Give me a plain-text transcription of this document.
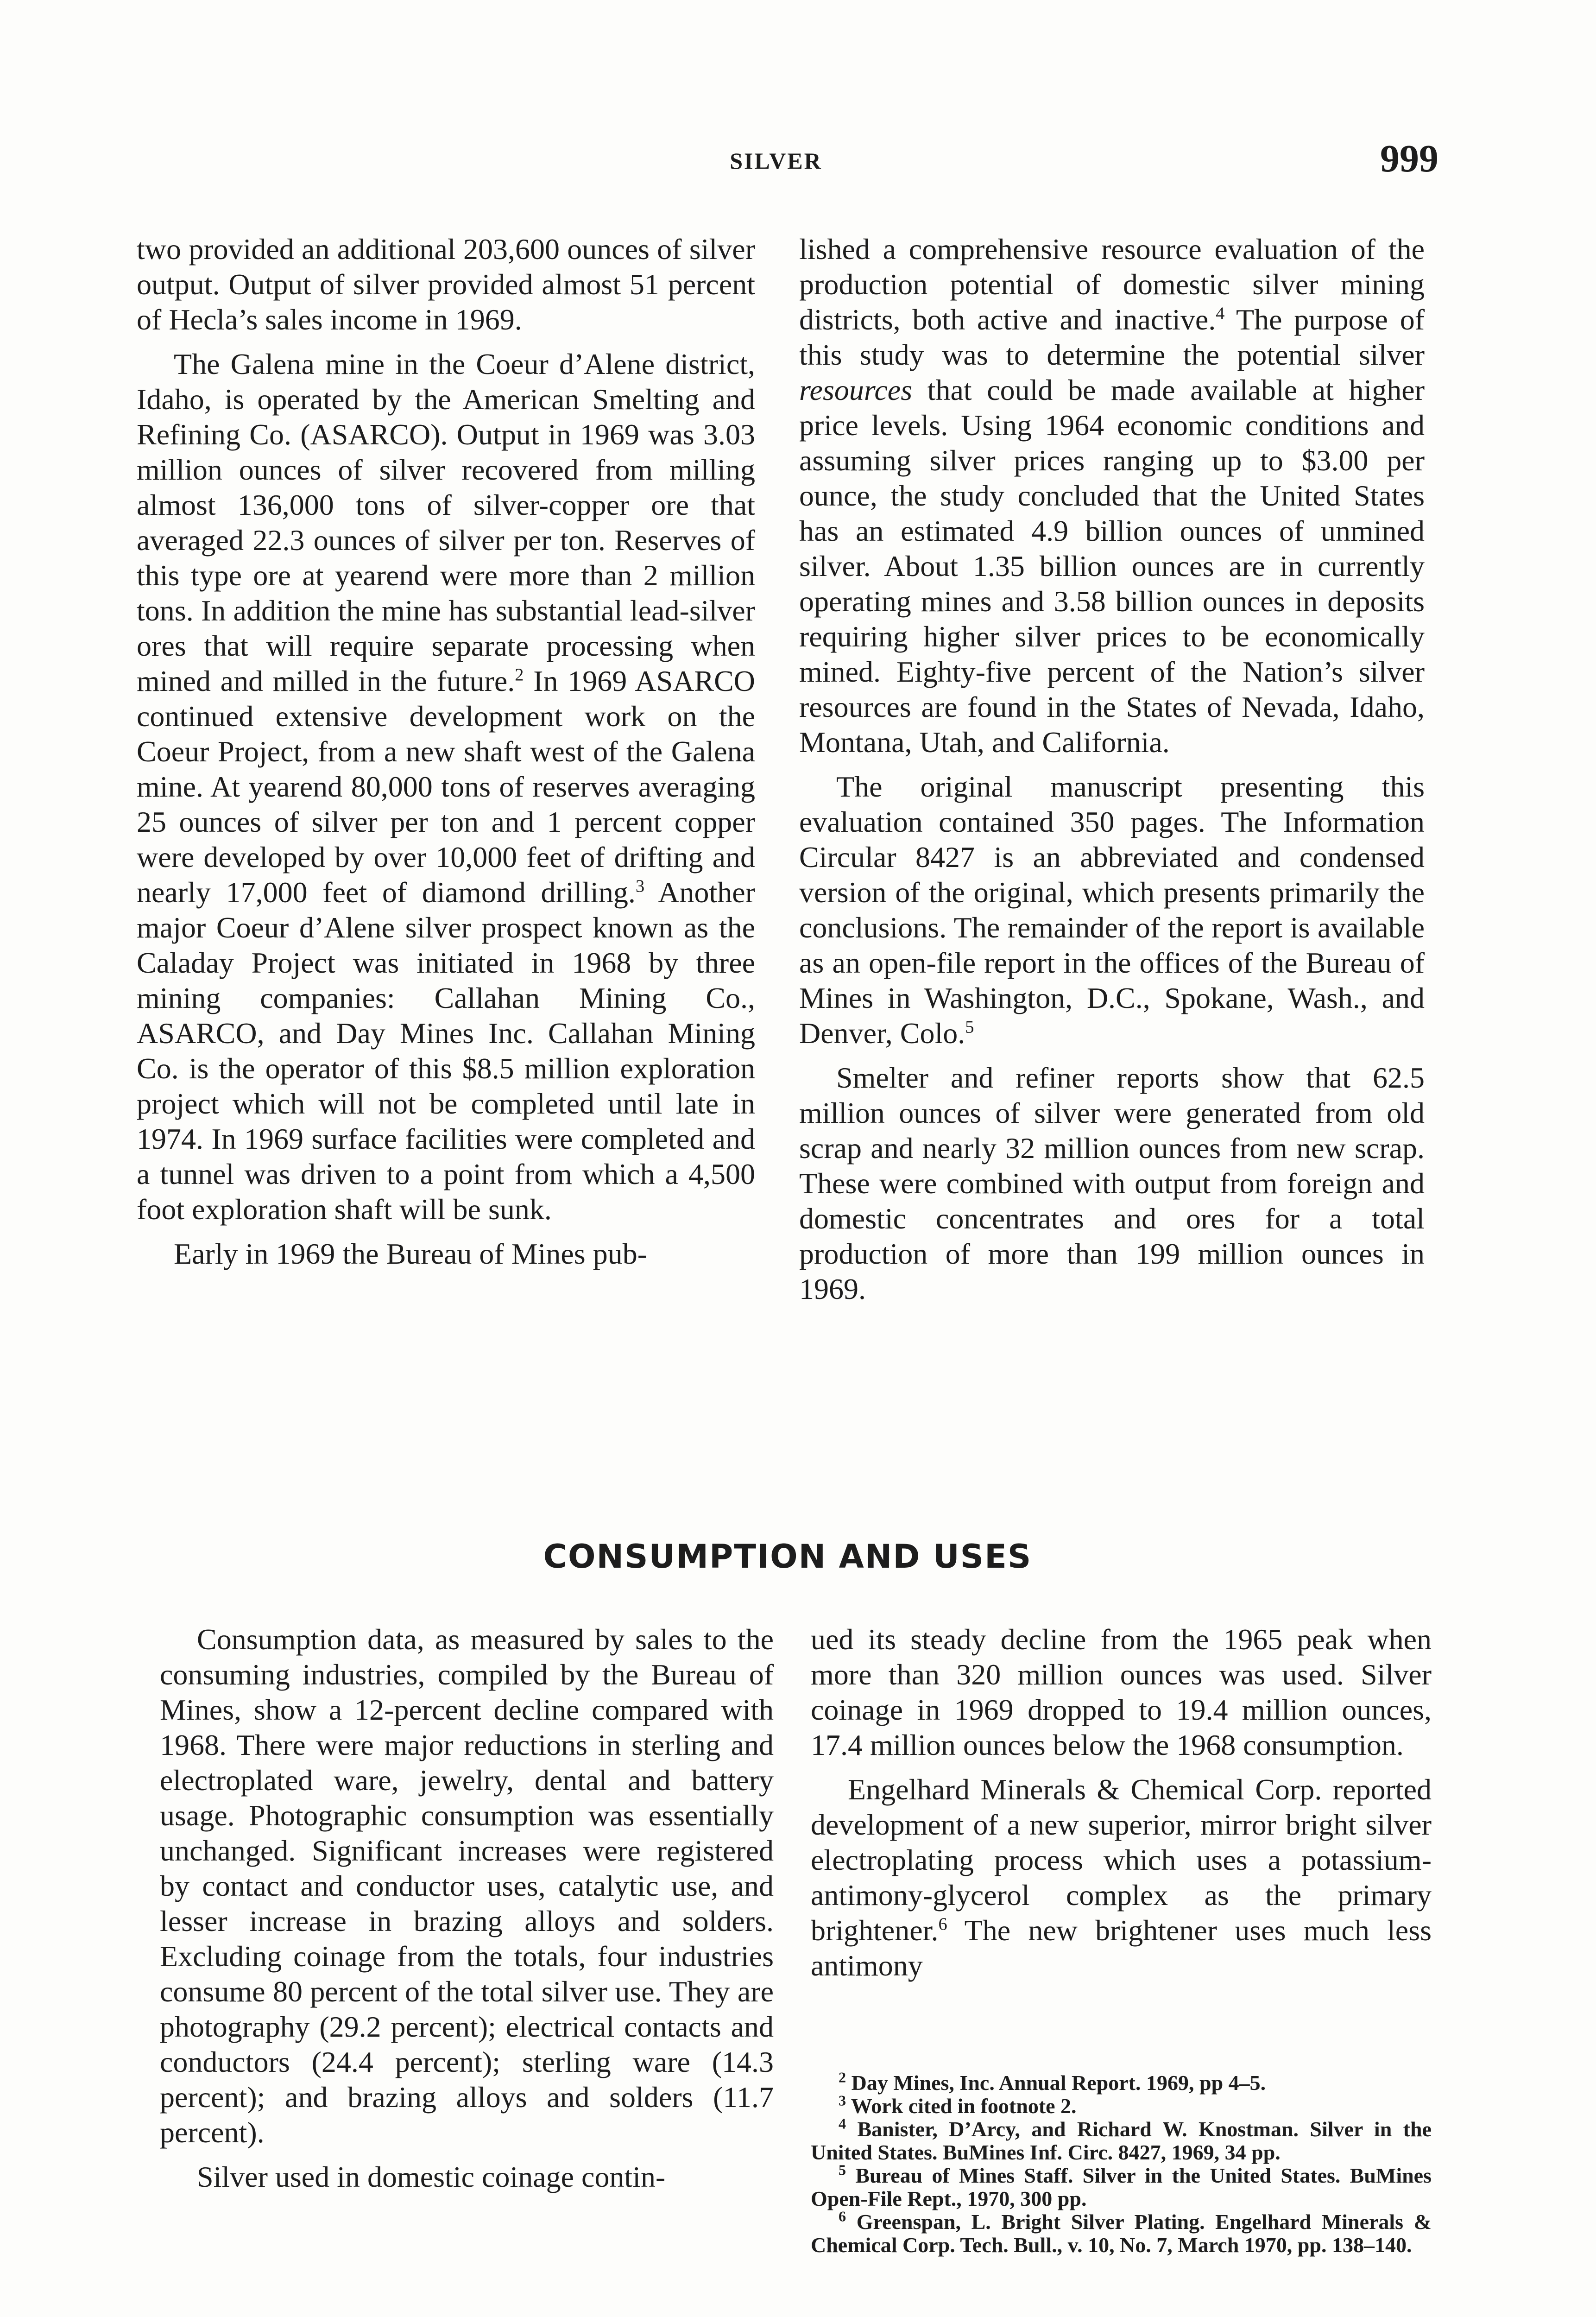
SILVER	999

two provided an additional 203,600 ounces of silver output. Output of silver provided almost 51 percent of Hecla’s sales income in 1969.

The Galena mine in the Coeur d’Alene district, Idaho, is operated by the American Smelting and Refining Co. (ASARCO). Output in 1969 was 3.03 million ounces of silver recovered from milling almost 136,000 tons of silver-copper ore that averaged 22.3 ounces of silver per ton. Reserves of this type ore at yearend were more than 2 million tons. In addition the mine has substantial lead-silver ores that will require separate processing when mined and milled in the future.$^2$ In 1969 ASARCO continued extensive development work on the Coeur Project, from a new shaft west of the Galena mine. At yearend 80,000 tons of reserves averaging 25 ounces of silver per ton and 1 percent copper were developed by over 10,000 feet of drifting and nearly 17,000 feet of diamond drilling.$^3$ Another major Coeur d’Alene silver prospect known as the Caladay Project was initiated in 1968 by three mining companies: Callahan Mining Co., ASARCO, and Day Mines Inc. Callahan Mining Co. is the operator of this $8.5 million exploration project which will not be completed until late in 1974. In 1969 surface facilities were completed and a tunnel was driven to a point from which a 4,500 foot exploration shaft will be sunk.

Early in 1969 the Bureau of Mines pub-

lished a comprehensive resource evaluation of the production potential of domestic silver mining districts, both active and inactive.$^4$ The purpose of this study was to determine the potential silver resources that could be made available at higher price levels. Using 1964 economic conditions and assuming silver prices ranging up to $3.00 per ounce, the study concluded that the United States has an estimated 4.9 billion ounces of unmined silver. About 1.35 billion ounces are in currently operating mines and 3.58 billion ounces in deposits requiring higher silver prices to be economically mined. Eighty-five percent of the Nation’s silver resources are found in the States of Nevada, Idaho, Montana, Utah, and California.

The original manuscript presenting this evaluation contained 350 pages. The Information Circular 8427 is an abbreviated and condensed version of the original, which presents primarily the conclusions. The remainder of the report is available as an open-file report in the offices of the Bureau of Mines in Washington, D.C., Spokane, Wash., and Denver, Colo.$^5$

Smelter and refiner reports show that 62.5 million ounces of silver were generated from old scrap and nearly 32 million ounces from new scrap. These were combined with output from foreign and domestic concentrates and ores for a total production of more than 199 million ounces in 1969.

CONSUMPTION AND USES

Consumption data, as measured by sales to the consuming industries, compiled by the Bureau of Mines, show a 12-percent decline compared with 1968. There were major reductions in sterling and electroplated ware, jewelry, dental and battery usage. Photographic consumption was essentially unchanged. Significant increases were registered by contact and conductor uses, catalytic use, and lesser increase in brazing alloys and solders. Excluding coinage from the totals, four industries consume 80 percent of the total silver use. They are photography (29.2 percent); electrical contacts and conductors (24.4 percent); sterling ware (14.3 percent); and brazing alloys and solders (11.7 percent).

Silver used in domestic coinage contin-

ued its steady decline from the 1965 peak when more than 320 million ounces was used. Silver coinage in 1969 dropped to 19.4 million ounces, 17.4 million ounces below the 1968 consumption.

Engelhard Minerals & Chemical Corp. reported development of a new superior, mirror bright silver electroplating process which uses a potassium-antimony-glycerol complex as the primary brightener.$^6$ The new brightener uses much less antimony

$^2$ Day Mines, Inc. Annual Report. 1969, pp 4–5.

$^3$ Work cited in footnote 2.

$^4$ Banister, D’Arcy, and Richard W. Knostman. Silver in the United States. BuMines Inf. Circ. 8427, 1969, 34 pp.

$^5$ Bureau of Mines Staff. Silver in the United States. BuMines Open-File Rept., 1970, 300 pp.

$^6$ Greenspan, L. Bright Silver Plating. Engelhard Minerals & Chemical Corp. Tech. Bull., v. 10, No. 7, March 1970, pp. 138–140.
